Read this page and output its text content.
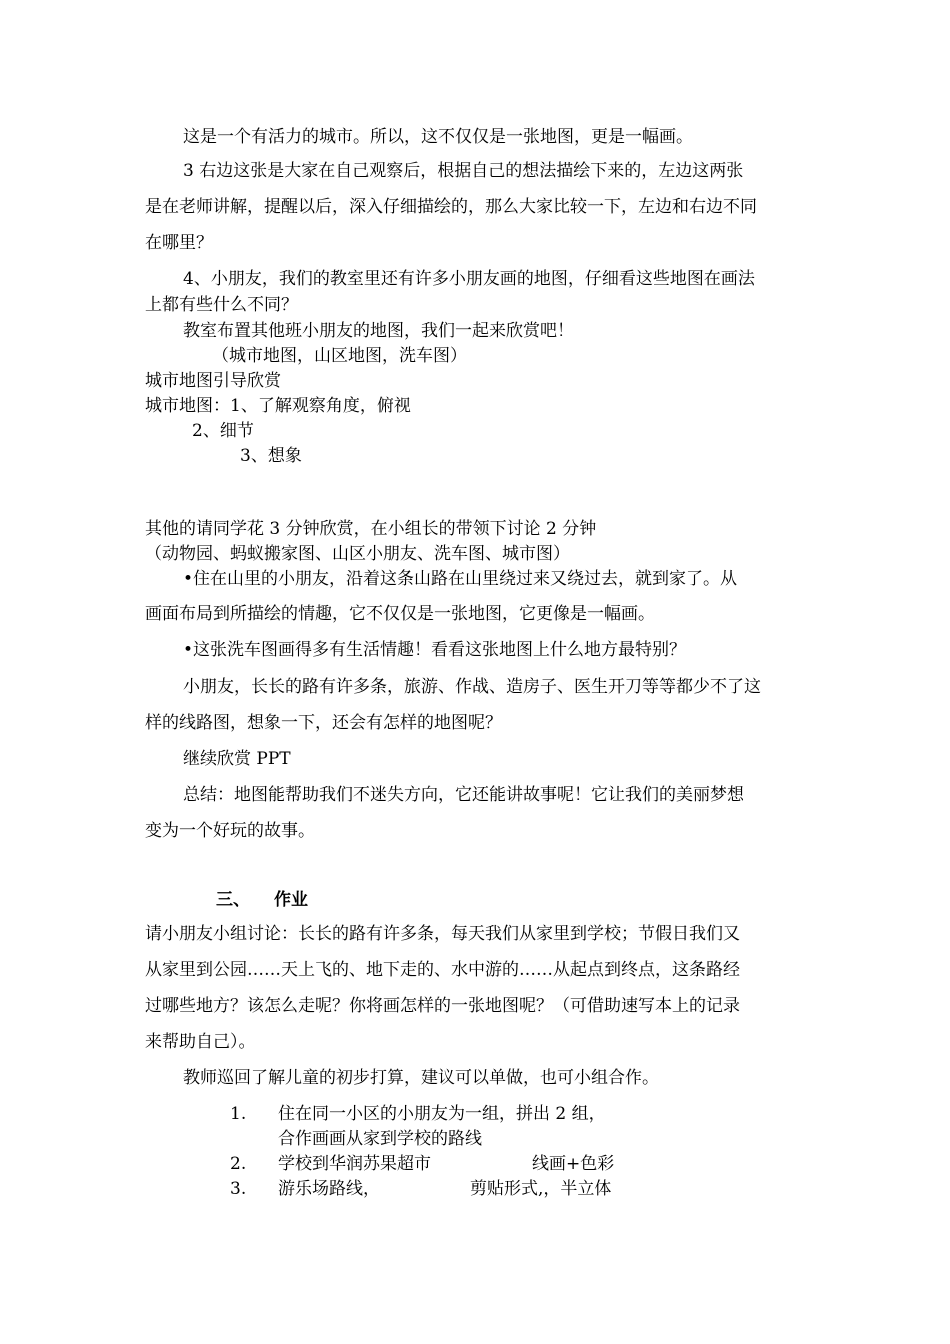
这是一个有活力的城市。所以，这不仅仅是一张地图，更是一幅画。
3 右边这张是大家在自己观察后，根据自己的想法描绘下来的，左边这两张
是在老师讲解，提醒以后，深入仔细描绘的，那么大家比较一下，左边和右边不同
在哪里？
4、小朋友，我们的教室里还有许多小朋友画的地图，仔细看这些地图在画法
上都有些什么不同？
教室布置其他班小朋友的地图，我们一起来欣赏吧！
（城市地图，山区地图，洗车图）
城市地图引导欣赏
城市地图：1、了解观察角度，俯视
2、细节
3、想象
其他的请同学花 3 分钟欣赏，在小组长的带领下讨论 2 分钟
（动物园、蚂蚁搬家图、山区小朋友、洗车图、城市图）
•住在山里的小朋友，沿着这条山路在山里绕过来又绕过去，就到家了。从
画面布局到所描绘的情趣，它不仅仅是一张地图，它更像是一幅画。
•这张洗车图画得多有生活情趣！看看这张地图上什么地方最特别？
小朋友，长长的路有许多条，旅游、作战、造房子、医生开刀等等都少不了这
样的线路图，想象一下，还会有怎样的地图呢？
继续欣赏 PPT
总结：地图能帮助我们不迷失方向，它还能讲故事呢！它让我们的美丽梦想
变为一个好玩的故事。
三、 作业
请小朋友小组讨论：长长的路有许多条，每天我们从家里到学校；节假日我们又
从家里到公园……天上飞的、地下走的、水中游的……从起点到终点，这条路经
过哪些地方？该怎么走呢？你将画怎样的一张地图呢？（可借助速写本上的记录
来帮助自己）。
教师巡回了解儿童的初步打算，建议可以单做，也可小组合作。
1. 住在同一小区的小朋友为一组，拼出 2 组，
合作画画从家到学校的路线
2. 学校到华润苏果超市	线画+色彩
3. 游乐场路线，	剪贴形式,，半立体
